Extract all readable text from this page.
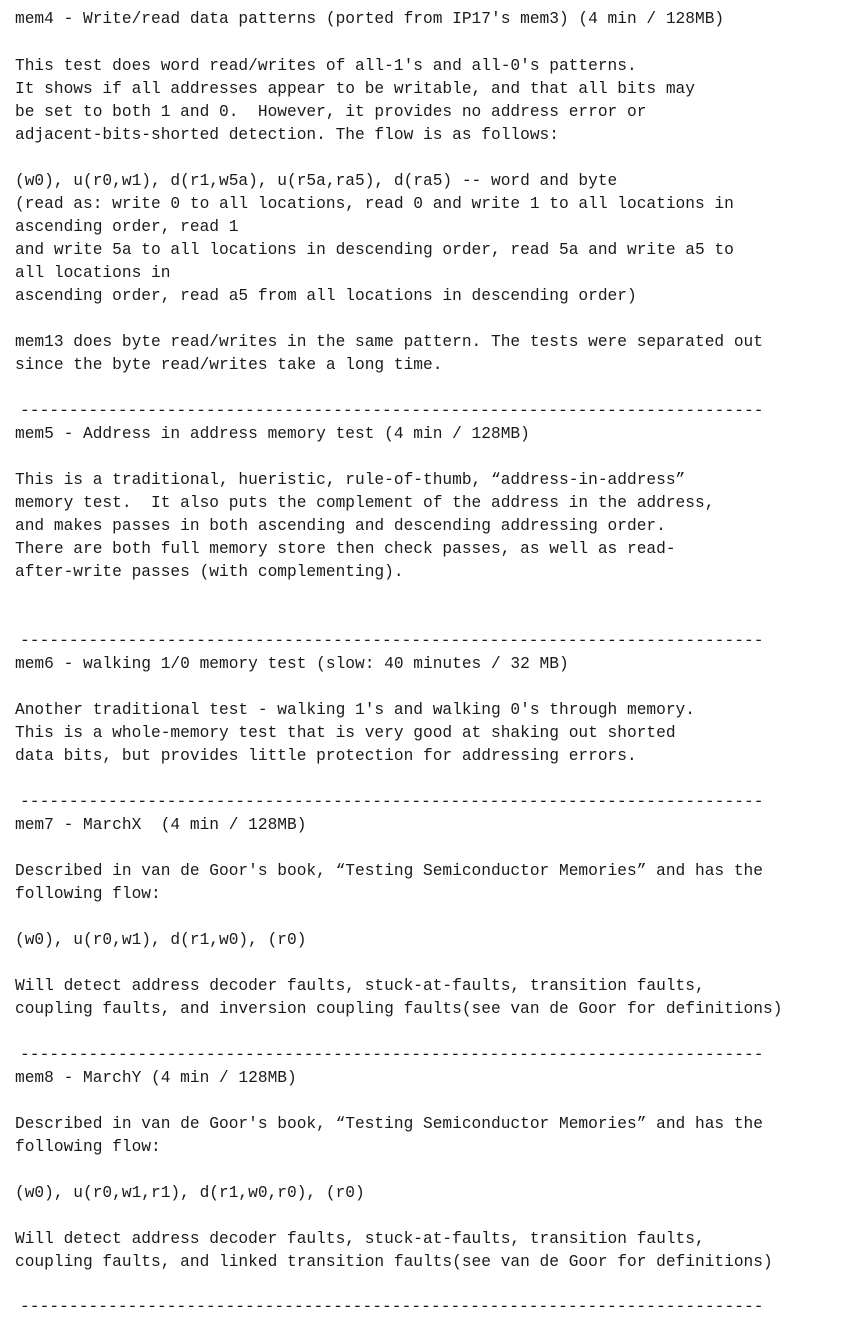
mem4 - Write/read data patterns (ported from IP17's mem3) (4 min / 128MB)
This test does word read/writes of all-1's and all-0's patterns.
It shows if all addresses appear to be writable, and that all bits may
be set to both 1 and 0.  However, it provides no address error or
adjacent-bits-shorted detection. The flow is as follows:
(w0), u(r0,w1), d(r1,w5a), u(r5a,ra5), d(ra5) -- word and byte
(read as: write 0 to all locations, read 0 and write 1 to all locations in
ascending order, read 1
and write 5a to all locations in descending order, read 5a and write a5 to
all locations in
ascending order, read a5 from all locations in descending order)
mem13 does byte read/writes in the same pattern. The tests were separated out
since the byte read/writes take a long time.
----------------------------------------------------------------------------
mem5 - Address in address memory test (4 min / 128MB)
This is a traditional, hueristic, rule-of-thumb, “address-in-address”
memory test.  It also puts the complement of the address in the address,
and makes passes in both ascending and descending addressing order.
There are both full memory store then check passes, as well as read-
after-write passes (with complementing).
----------------------------------------------------------------------------
mem6 - walking 1/0 memory test (slow: 40 minutes / 32 MB)
Another traditional test - walking 1's and walking 0's through memory.
This is a whole-memory test that is very good at shaking out shorted
data bits, but provides little protection for addressing errors.
----------------------------------------------------------------------------
mem7 - MarchX  (4 min / 128MB)
Described in van de Goor's book, “Testing Semiconductor Memories” and has the
following flow:
(w0), u(r0,w1), d(r1,w0), (r0)
Will detect address decoder faults, stuck-at-faults, transition faults,
coupling faults, and inversion coupling faults(see van de Goor for definitions)
----------------------------------------------------------------------------
mem8 - MarchY (4 min / 128MB)
Described in van de Goor's book, “Testing Semiconductor Memories” and has the
following flow:
(w0), u(r0,w1,r1), d(r1,w0,r0), (r0)
Will detect address decoder faults, stuck-at-faults, transition faults,
coupling faults, and linked transition faults(see van de Goor for definitions)
----------------------------------------------------------------------------
